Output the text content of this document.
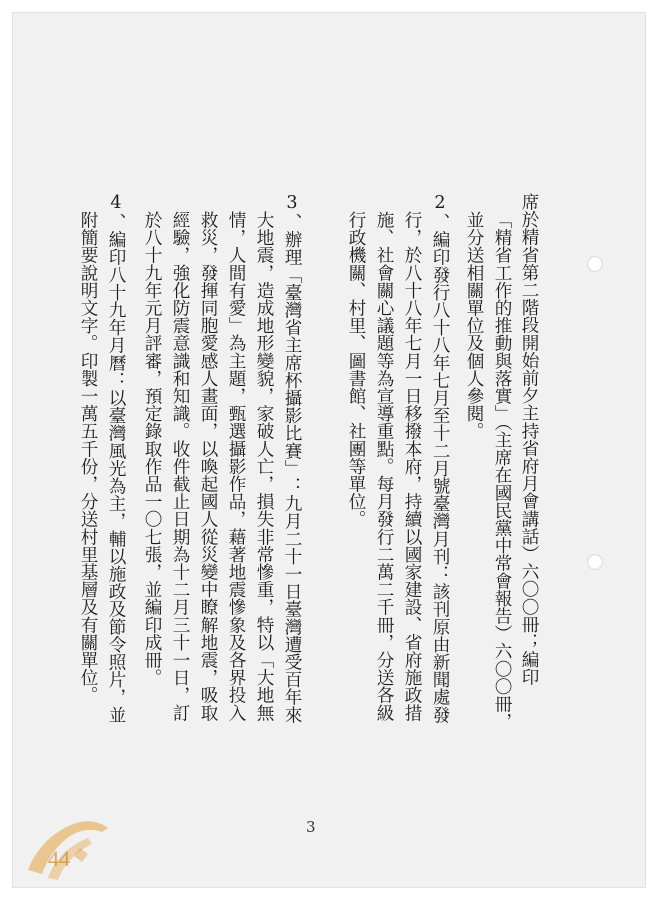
席於精省第二階段開始前夕主持省府月會講話）六〇〇冊；編印
「精省工作的推動與落實」（主席在國民黨中常會報告）六〇〇冊，
並分送相關單位及個人參閱。
2、編印發行八十八年七月至十二月號臺灣月刊：該刊原由新聞處發
行，於八十八年七月一日移撥本府，持續以國家建設、省府施政措
施、社會關心議題等為宣導重點。每月發行二萬二千冊，分送各級
行政機關、村里、圖書館、社團等單位。
3、辦理「臺灣省主席杯攝影比賽」：九月二十一日臺灣遭受百年來
大地震，造成地形變貌，家破人亡，損失非常慘重，特以「大地無
情，人間有愛」為主題，甄選攝影作品，藉著地震慘象及各界投入
救災，發揮同胞愛感人畫面，以喚起國人從災變中瞭解地震，吸取
經驗，強化防震意識和知識。收件截止日期為十二月三十一日，訂
於八十九年元月評審，預定錄取作品一〇七張，並編印成冊。
4、編印八十九年月曆：以臺灣風光為主，輔以施政及節令照片，並
附簡要說明文字。印製一萬五千份，分送村里基層及有關單位。
3
44
